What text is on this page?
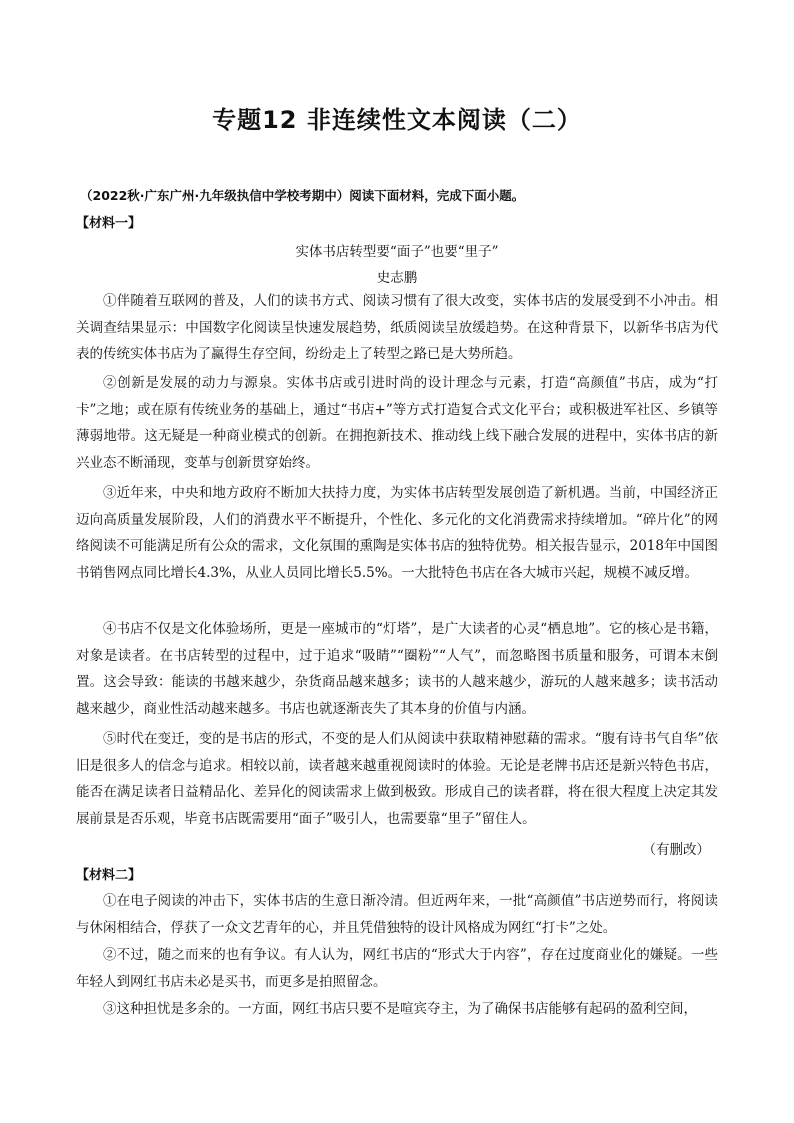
专题12 非连续性文本阅读（二）
（2022秋·广东广州·九年级执信中学校考期中）阅读下面材料，完成下面小题。
【材料一】
实体书店转型要“面子”也要“里子”
史志鹏
①伴随着互联网的普及，人们的读书方式、阅读习惯有了很大改变，实体书店的发展受到不小冲击。相关调查结果显示：中国数字化阅读呈快速发展趋势，纸质阅读呈放缓趋势。在这种背景下，以新华书店为代表的传统实体书店为了赢得生存空间，纷纷走上了转型之路已是大势所趋。
②创新是发展的动力与源泉。实体书店或引进时尚的设计理念与元素，打造“高颜值”书店，成为“打卡”之地；或在原有传统业务的基础上，通过“书店+”等方式打造复合式文化平台；或积极进军社区、乡镇等薄弱地带。这无疑是一种商业模式的创新。在拥抱新技术、推动线上线下融合发展的进程中，实体书店的新兴业态不断涌现，变革与创新贯穿始终。
③近年来，中央和地方政府不断加大扶持力度，为实体书店转型发展创造了新机遇。当前，中国经济正迈向高质量发展阶段，人们的消费水平不断提升，个性化、多元化的文化消费需求持续增加。“碎片化”的网络阅读不可能满足所有公众的需求，文化氛围的熏陶是实体书店的独特优势。相关报告显示，2018年中国图书销售网点同比增长4.3%，从业人员同比增长5.5%。一大批特色书店在各大城市兴起，规模不减反增。
④书店不仅是文化体验场所，更是一座城市的“灯塔”，是广大读者的心灵“栖息地”。它的核心是书籍，对象是读者。在书店转型的过程中，过于追求“吸睛”“圈粉”“人气”，而忽略图书质量和服务，可谓本末倒置。这会导致：能读的书越来越少，杂货商品越来越多；读书的人越来越少，游玩的人越来越多；读书活动越来越少，商业性活动越来越多。书店也就逐渐丧失了其本身的价值与内涵。
⑤时代在变迁，变的是书店的形式，不变的是人们从阅读中获取精神慰藉的需求。“腹有诗书气自华”依旧是很多人的信念与追求。相较以前，读者越来越重视阅读时的体验。无论是老牌书店还是新兴特色书店，能否在满足读者日益精品化、差异化的阅读需求上做到极致。形成自己的读者群，将在很大程度上决定其发展前景是否乐观，毕竟书店既需要用“面子”吸引人，也需要靠“里子”留住人。
（有删改）
【材料二】
①在电子阅读的冲击下，实体书店的生意日渐冷清。但近两年来，一批“高颜值”书店逆势而行，将阅读与休闲相结合，俘获了一众文艺青年的心，并且凭借独特的设计风格成为网红“打卡”之处。
②不过，随之而来的也有争议。有人认为，网红书店的“形式大于内容”，存在过度商业化的嫌疑。一些年轻人到网红书店未必是买书，而更多是拍照留念。
③这种担忧是多余的。一方面，网红书店只要不是喧宾夺主，为了确保书店能够有起码的盈利空间，
